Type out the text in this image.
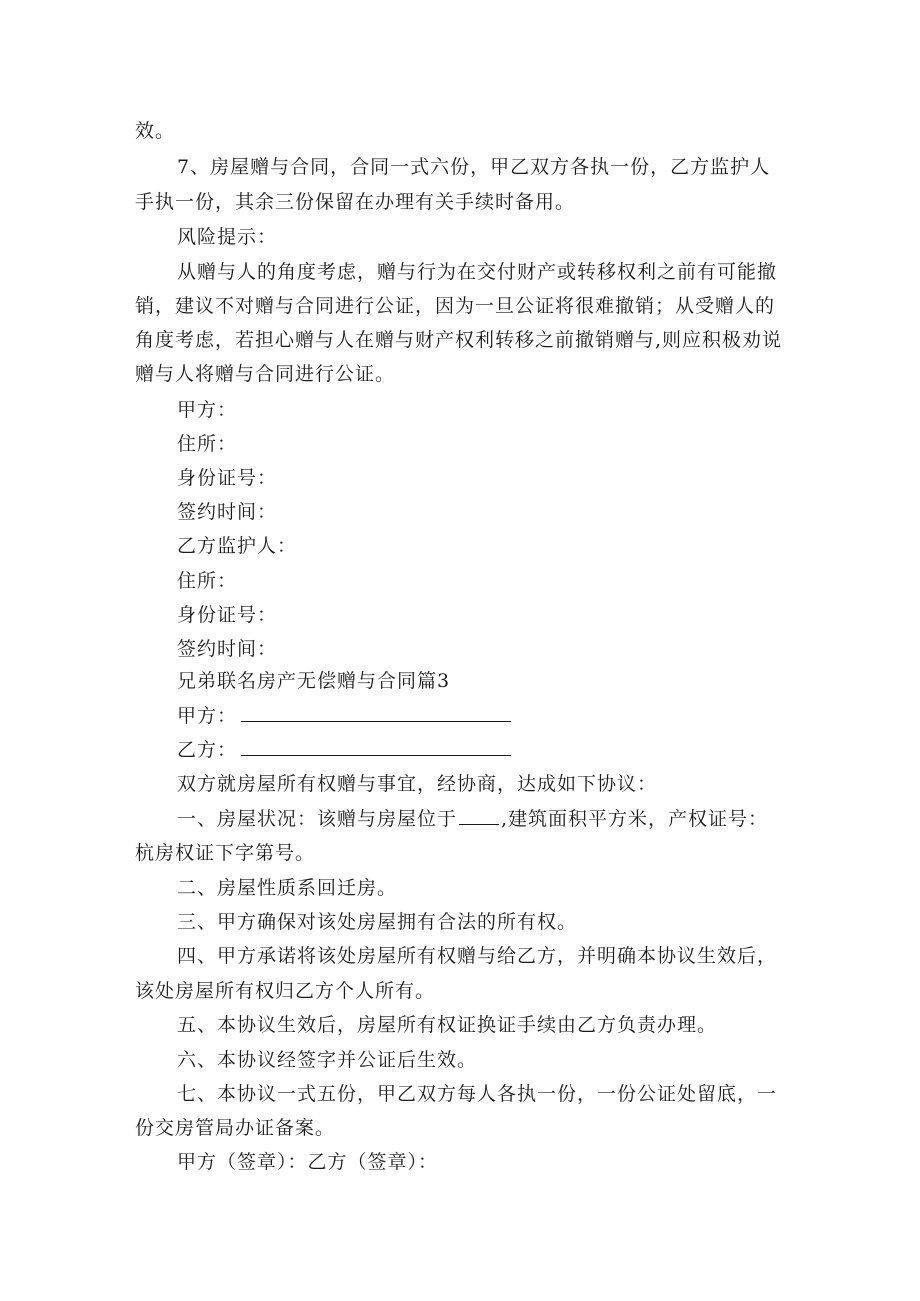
效。
7、房屋赠与合同，合同一式六份，甲乙双方各执一份，乙方监护人
手执一份，其余三份保留在办理有关手续时备用。
风险提示：
从赠与人的角度考虑，赠与行为在交付财产或转移权利之前有可能撤
销，建议不对赠与合同进行公证，因为一旦公证将很难撤销；从受赠人的
角度考虑，若担心赠与人在赠与财产权利转移之前撤销赠与,则应积极劝说
赠与人将赠与合同进行公证。
甲方：
住所：
身份证号：
签约时间：
乙方监护人：
住所：
身份证号：
签约时间：
兄弟联名房产无偿赠与合同篇3
甲方：
乙方：
双方就房屋所有权赠与事宜，经协商，达成如下协议：
一、房屋状况：该赠与房屋位于 ,建筑面积平方米，产权证号：
杭房权证下字第号。
二、房屋性质系回迁房。
三、甲方确保对该处房屋拥有合法的所有权。
四、甲方承诺将该处房屋所有权赠与给乙方，并明确本协议生效后，
该处房屋所有权归乙方个人所有。
五、本协议生效后，房屋所有权证换证手续由乙方负责办理。
六、本协议经签字并公证后生效。
七、本协议一式五份，甲乙双方每人各执一份，一份公证处留底，一
份交房管局办证备案。
甲方（签章）：乙方（签章）：
